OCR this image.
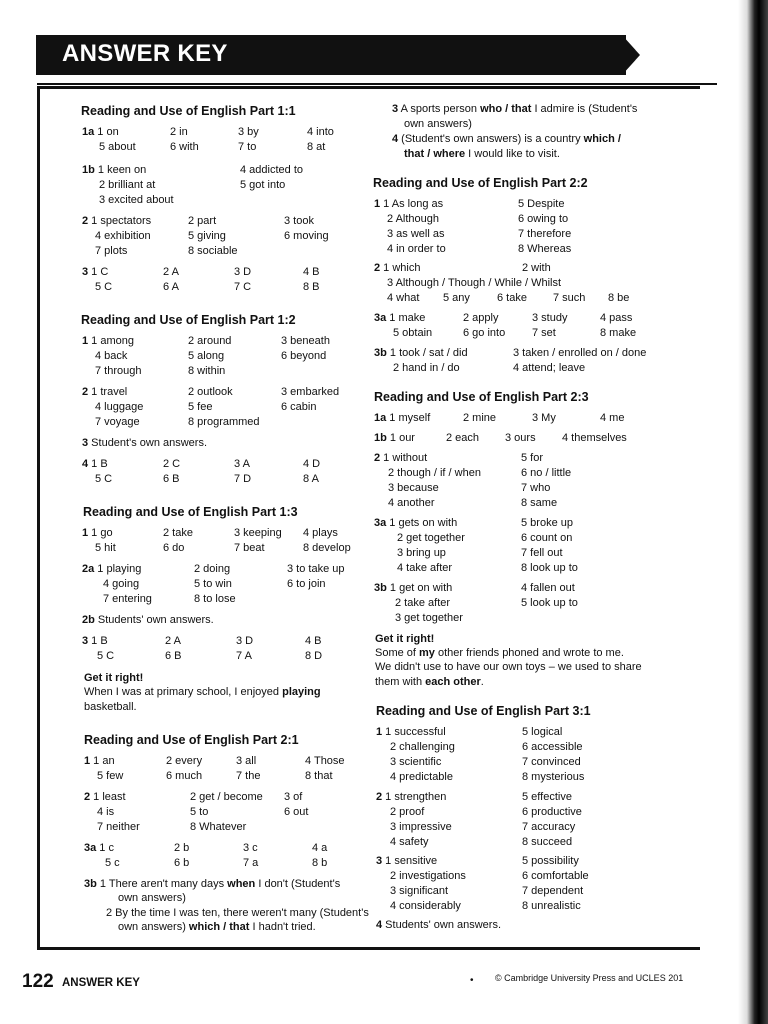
ANSWER KEY
Reading and Use of English Part 1:1
Reading and Use of English Part 1:2
Reading and Use of English Part 1:3
Reading and Use of English Part 2:1
Reading and Use of English Part 2:2
Reading and Use of English Part 2:3
Reading and Use of English Part 3:1
1a 1 on	2 in	3 by	4 into
5 about	6 with	7 to	8 at
1b 1 keen on	4 addicted to
2 brilliant at	5 got into
3 excited about
2 1 spectators	2 part	3 took
4 exhibition	5 giving	6 moving
7 plots	8 sociable
3 1 C	2 A	3 D	4 B
5 C	6 A	7 C	8 B
1 1 among	2 around	3 beneath
4 back	5 along	6 beyond
7 through	8 within
2 1 travel	2 outlook	3 embarked
4 luggage	5 fee	6 cabin
7 voyage	8 programmed
3 Student's own answers.
4 1 B	2 C	3 A	4 D
5 C	6 B	7 D	8 A
1 1 go	2 take	3 keeping 4 plays
5 hit	6 do	7 beat	8 develop
2a 1 playing	2 doing	3 to take up
4 going	5 to win	6 to join
7 entering	8 to lose
2b Students' own answers.
3 1 B	2 A	3 D	4 B
5 C	6 B	7 A	8 D
Get it right!
When I was at primary school, I enjoyed playing
basketball.
1 1 an	2 every	3 all	4 Those
5 few	6 much	7 the	8 that
2 1 least	2 get / become 3 of
4 is	5 to	6 out
7 neither	8 Whatever
3a 1 c	2 b	3 c	4 a
5 c	6 b	7 a	8 b
3b 1 There aren't many days when I don't (Student's
own answers)
2 By the time I was ten, there weren't many (Student's
own answers) which / that I hadn't tried.
3 A sports person who / that I admire is (Student's
own answers)
4 (Student's own answers) is a country which /
that / where I would like to visit.
1 1 As long as	5 Despite
2 Although	6 owing to
3 as well as	7 therefore
4 in order to	8 Whereas
2 1 which	2 with
3 Although / Though / While / Whilst
4 what 5 any 6 take 7 such 8 be
3a 1 make	2 apply	3 study	4 pass
5 obtain	6 go into 7 set	8 make
3b 1 took / sat / did	3 taken / enrolled on / done
2 hand in / do	4 attend; leave
1a 1 myself	2 mine	3 My	4 me
1b 1 our	2 each 3 ours 4 themselves
2 1 without	5 for
2 though / if / when	6 no / little
3 because	7 who
4 another	8 same
3a 1 gets on with	5 broke up
2 get together	6 count on
3 bring up	7 fell out
4 take after	8 look up to
3b 1 get on with	4 fallen out
2 take after	5 look up to
3 get together
Get it right!
Some of my other friends phoned and wrote to me.
We didn't use to have our own toys – we used to share
them with each other.
1 1 successful	5 logical
2 challenging	6 accessible
3 scientific	7 convinced
4 predictable	8 mysterious
2 1 strengthen	5 effective
2 proof	6 productive
3 impressive	7 accuracy
4 safety	8 succeed
3 1 sensitive	5 possibility
2 investigations	6 comfortable
3 significant	7 dependent
4 considerably	8 unrealistic
4 Students' own answers.
122 ANSWER KEY	• © Cambridge University Press and UCLES 201
